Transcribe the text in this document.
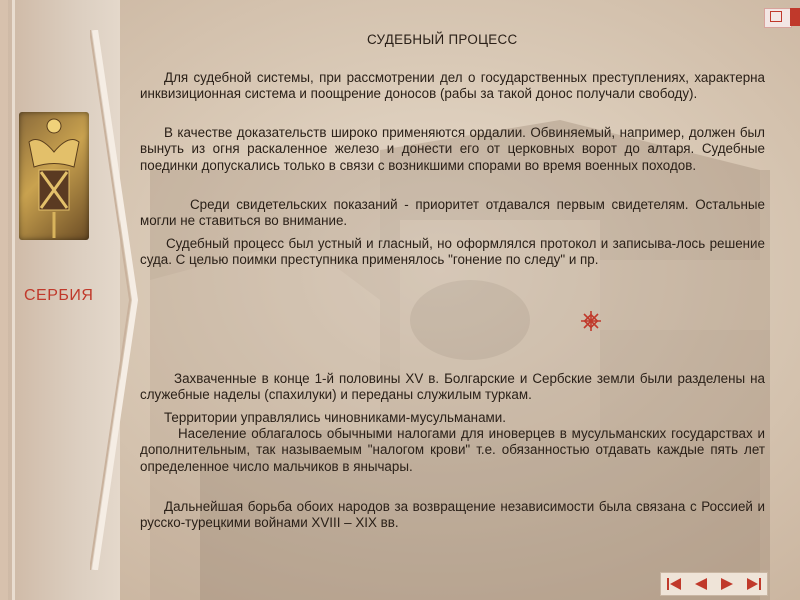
СЕРБИЯ
СУДЕБНЫЙ ПРОЦЕСС

Для судебной системы, при рассмотрении дел о государственных преступлениях, характерна инквизиционная система и поощрение доносов (рабы за такой донос получали свободу).

В качестве доказательств широко применяются ордалии. Обвиняемый, например, должен был вынуть из огня раскаленное железо и донести его от церковных ворот до алтаря. Судебные поединки допускались только в связи с возникшими спорами во время военных походов.

Среди свидетельских показаний - приоритет отдавался первым свидетелям. Остальные могли не ставиться во внимание.

Судебный процесс был устный и гласный, но оформлялся протокол и записыва-лось решение суда. С целью поимки преступника применялось "гонение по следу" и пр.

Захваченные в конце 1-й половины XV в. Болгарские и Сербские земли были разделены на служебные наделы (спахилуки) и переданы служилым туркам.

Территории управлялись чиновниками-мусульманами.

Население облагалось обычными налогами для иноверцев в мусульманских государствах и дополнительным, так называемым "налогом крови" т.е. обязанностью отдавать каждые пять лет определенное число мальчиков в янычары.

Дальнейшая борьба обоих народов за возвращение независимости была связана с Россией и русско-турецкими войнами XVIII – XIX вв.
